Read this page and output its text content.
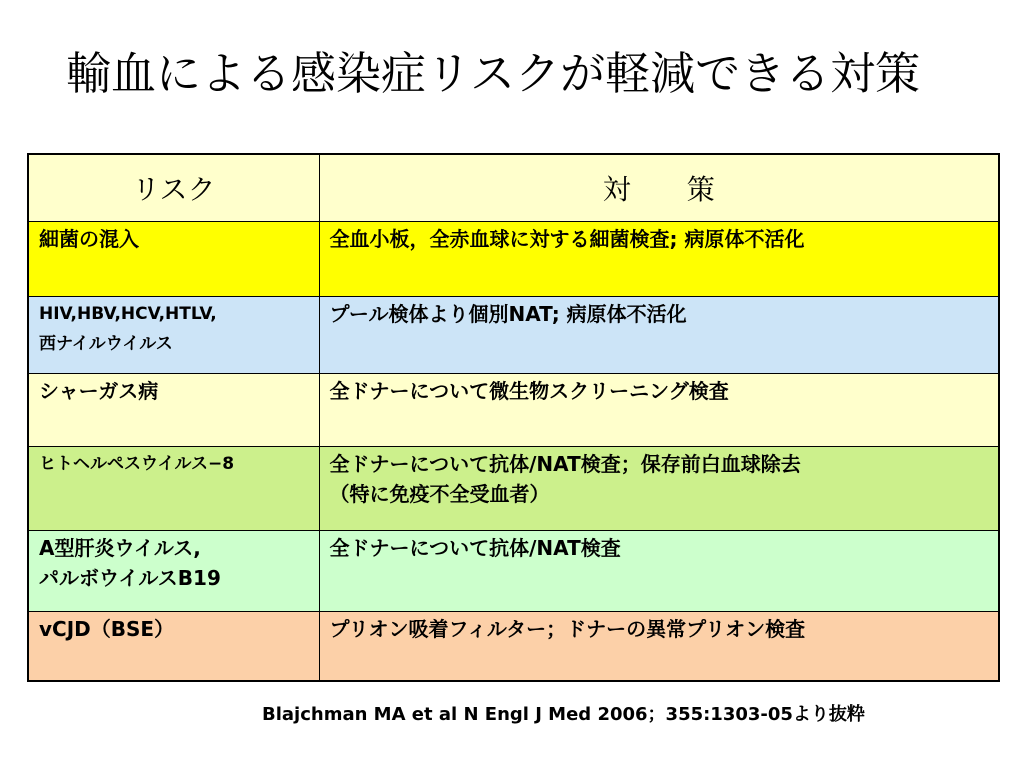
輸血による感染症リスクが軽減できる対策
リスク	対　　策

細菌の混入	全血小板，全赤血球に対する細菌検査; 病原体不活化

HIV,HBV,HCV,HTLV,
西ナイルウイルス	プール検体より個別NAT; 病原体不活化

シャーガス病	全ドナーについて微生物スクリーニング検査

ヒトヘルペスウイルス−8	全ドナーについて抗体/NAT検査；保存前白血球除去
（特に免疫不全受血者）

A型肝炎ウイルス,
パルボウイルスB19	全ドナーについて抗体/NAT検査

vCJD（BSE）	プリオン吸着フィルター；ドナーの異常プリオン検査
Blajchman MA et al N Engl J Med 2006；355:1303-05より抜粋
